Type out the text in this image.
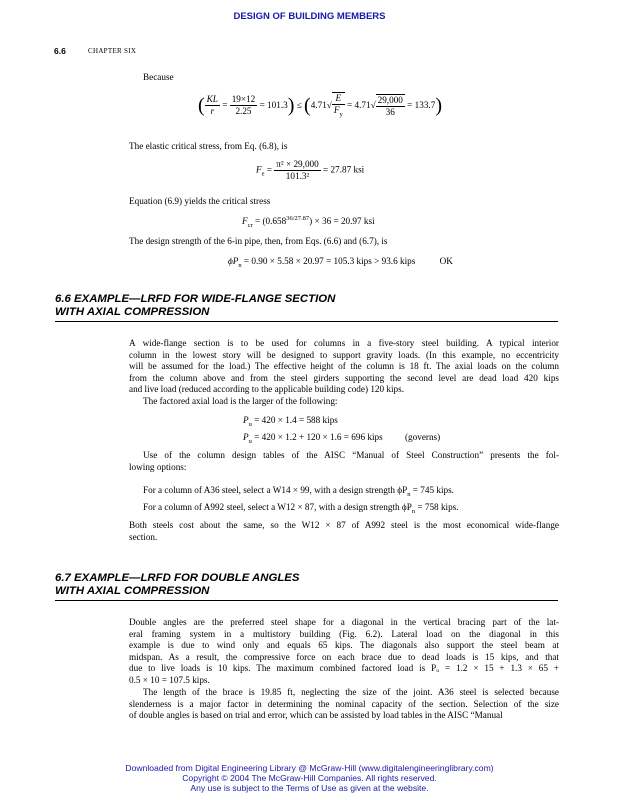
DESIGN OF BUILDING MEMBERS
6.6	CHAPTER SIX
Because
( $\frac{KL}{r} = \frac{19\times 12}{2.25} = 101.3) \le (4.71√ \frac{E}{F_y} = 4.71√ \frac{29,000}{36} = 133.7)$
The elastic critical stress, from Eq. (6.8), is
$F_e = \frac{\text{π² × 29,000}}{\text{101.3²}} = 27.87$ ksi
Equation (6.9) yields the critical stress
$F_{cr} = (0.658^{36/27.87}) \times 36 = 20.97$ ksi
The design strength of the 6-in pipe, then, from Eqs. (6.6) and (6.7), is
$\phi P_n = 0.90 \times 5.58 \times 20.97 = 105.3$ kips > 93.6 kips	OK
6.6 EXAMPLE—LRFD FOR WIDE-FLANGE SECTION
WITH AXIAL COMPRESSION
A wide-flange section is to be used for columns in a five-story steel building. A typical interior
column in the lowest story will be designed to support gravity loads. (In this example, no eccentricity
will be assumed for the load.) The effective height of the column is 18 ft. The axial loads on the column
from the column above and from the steel girders supporting the second level are dead load 420 kips
and live load (reduced according to the applicable building code) 120 kips.
The factored axial load is the larger of the following:
$P_u = 420 \times 1.4 = 588$ kips
$P_u = 420 \times 1.2 + 120 \times 1.6 = 696$ kips (governs)
Use of the column design tables of the AISC “Manual of Steel Construction” presents the fol-
lowing options:
For a column of A36 steel, select a W14 × 99, with a design strength $\phi P_n = 745$ kips.
For a column of A992 steel, select a W12 × 87, with a design strength $\phi P_n = 758$ kips.
Both steels cost about the same, so the W12 × 87 of A992 steel is the most economical wide-flange
section.
6.7 EXAMPLE—LRFD FOR DOUBLE ANGLES
WITH AXIAL COMPRESSION
Double angles are the preferred steel shape for a diagonal in the vertical bracing part of the lat-
eral framing system in a multistory building (Fig. 6.2). Lateral load on the diagonal in this
example is due to wind only and equals 65 kips. The diagonals also support the steel beam at
midspan. As a result, the compressive force on each brace due to dead loads is 15 kips, and that
due to live loads is 10 kips. The maximum combined factored load is Pᵤ = 1.2 × 15 + 1.3 × 65 +
0.5 × 10 = 107.5 kips.
The length of the brace is 19.85 ft, neglecting the size of the joint. A36 steel is selected because
slenderness is a major factor in determining the nominal capacity of the section. Selection of the size
of double angles is based on trial and error, which can be assisted by load tables in the AISC “Manual
Downloaded from Digital Engineering Library @ McGraw-Hill (www.digitalengineeringlibrary.com)
Copyright © 2004 The McGraw-Hill Companies. All rights reserved.
Any use is subject to the Terms of Use as given at the website.
